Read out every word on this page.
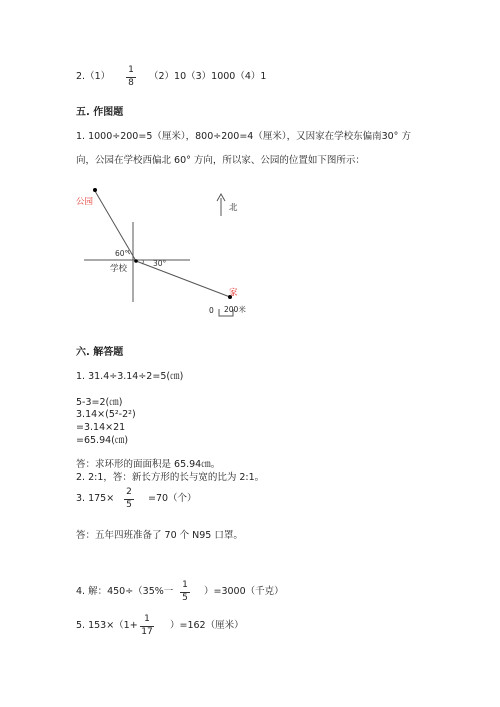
2.（1）
1
8
（2）10（3）1000（4）1
五. 作图题
1. 1000÷200=5（厘米），800÷200=4（厘米），又因家在学校东偏南30° 方
向，公园在学校西偏北 60° 方向，所以家、公园的位置如下图所示：
公园
60°
30°
学校
家
北
0 200米
六. 解答题
1. 31.4÷3.14÷2=5(㎝)
5-3=2(㎝)
3.14×(5²-2²)
=3.14×21
=65.94(㎝)
答：求环形的面面积是 65.94㎝。
2. 2:1，答：新长方形的长与宽的比为 2:1。
3. 175×
2
5
=70（个）
答：五年四班准备了 70 个 N95 口罩。
4. 解：450÷（35%一
1
5
）=3000（千克）
5. 153×（1+
1
17
）=162（厘米）
